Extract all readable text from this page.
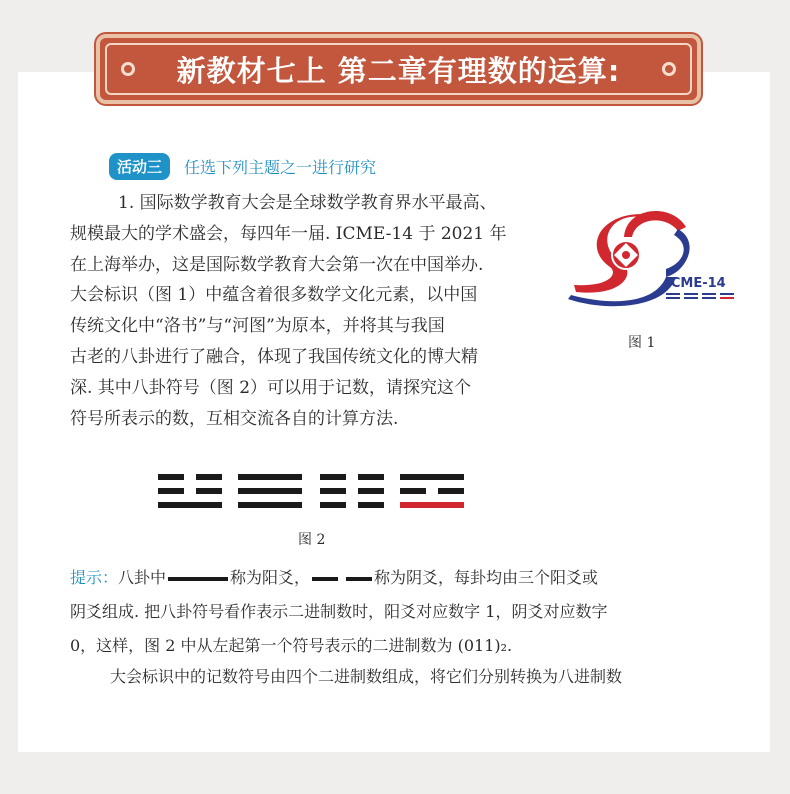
新教材七上 第二章有理数的运算:
活动三	任选下列主题之一进行研究
1. 国际数学教育大会是全球数学教育界水平最高、
规模最大的学术盛会，每四年一届. ICME-14 于 2021 年
在上海举办，这是国际数学教育大会第一次在中国举办.
大会标识（图 1）中蕴含着很多数学文化元素，以中国
传统文化中“洛书”与“河图”为原本，并将其与我国
古老的八卦进行了融合，体现了我国传统文化的博大精
深. 其中八卦符号（图 2）可以用于记数，请探究这个
符号所表示的数，互相交流各自的计算方法.
ICME-14
图 1
图 2
提示：八卦中	称为阳爻，	称为阴爻，每卦均由三个阳爻或
阴爻组成. 把八卦符号看作表示二进制数时，阳爻对应数字 1，阴爻对应数字
0，这样，图 2 中从左起第一个符号表示的二进制数为 (011)₂.
大会标识中的记数符号由四个二进制数组成，将它们分别转换为八进制数
